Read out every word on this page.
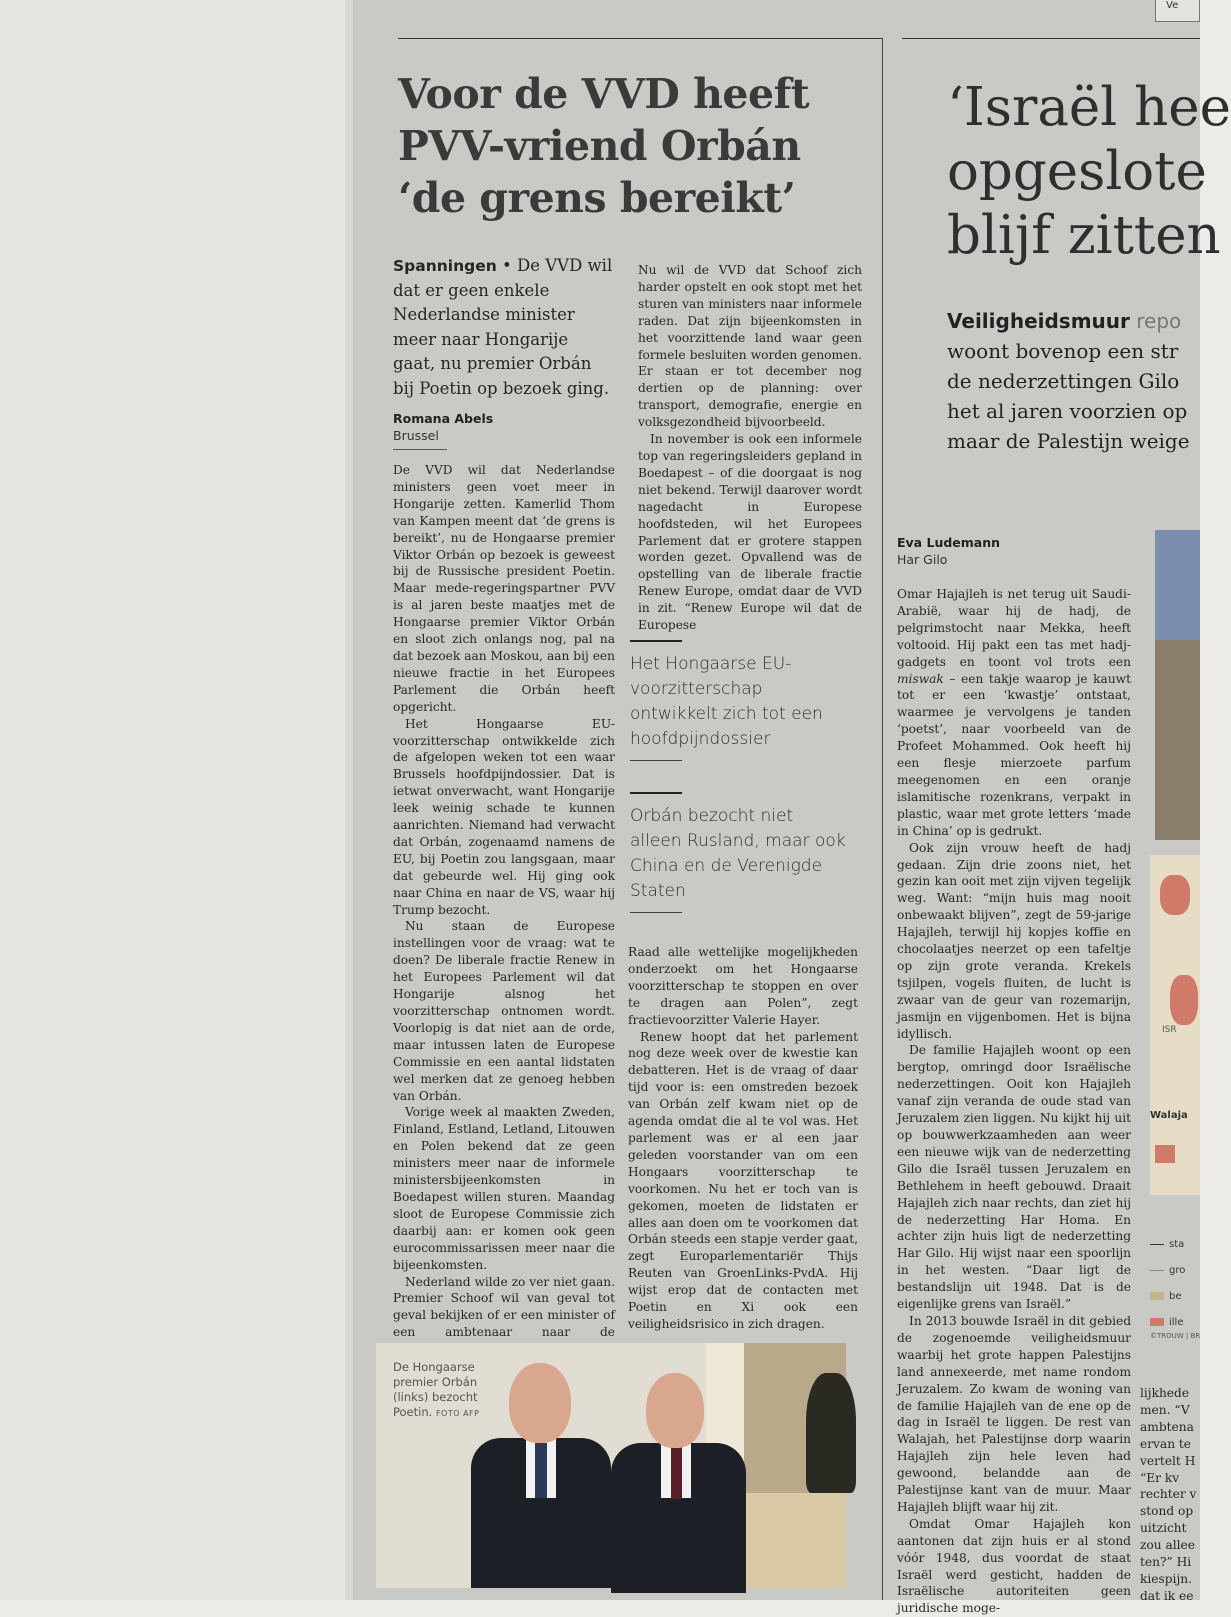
Ve
Voor de VVD heeft
PVV-vriend Orbán
‘de grens bereikt’
Spanningen • De VVD wil dat er geen enkele Nederlandse minister meer naar Hongarije gaat, nu premier Orbán bij Poetin op bezoek ging.
Romana Abels
Brussel

De VVD wil dat Nederlandse ministers geen voet meer in Hongarije zetten. Kamerlid Thom van Kampen meent dat ‘de grens is bereikt’, nu de Hongaarse premier Viktor Orbán op bezoek is geweest bij de Russische president Poetin. Maar mede-regeringspartner PVV is al jaren beste maatjes met de Hongaarse premier Viktor Orbán en sloot zich onlangs nog, pal na dat bezoek aan Moskou, aan bij een nieuwe fractie in het Europees Parlement die Orbán heeft opgericht.

Het Hongaarse EU-voorzitterschap ontwikkelde zich de afgelopen weken tot een waar Brussels hoofdpijndossier. Dat is ietwat onverwacht, want Hongarije leek weinig schade te kunnen aanrichten. Niemand had verwacht dat Orbán, zogenaamd namens de EU, bij Poetin zou langsgaan, maar dat gebeurde wel. Hij ging ook naar China en naar de VS, waar hij Trump bezocht.

Nu staan de Europese instellingen voor de vraag: wat te doen? De liberale fractie Renew in het Europees Parlement wil dat Hongarije alsnog het voorzitterschap ontnomen wordt. Voorlopig is dat niet aan de orde, maar intussen laten de Europese Commissie en een aantal lidstaten wel merken dat ze genoeg hebben van Orbán.

Vorige week al maakten Zweden, Finland, Estland, Letland, Litouwen en Polen bekend dat ze geen ministers meer naar de informele ministersbijeenkomsten in Boedapest willen sturen. Maandag sloot de Europese Commissie zich daarbij aan: er komen ook geen eurocommissarissen meer naar die bijeenkomsten.

Nederland wilde zo ver niet gaan. Premier Schoof wil van geval tot geval bekijken of er een minister of een ambtenaar naar de

Nu wil de VVD dat Schoof zich harder opstelt en ook stopt met het sturen van ministers naar informele raden. Dat zijn bijeenkomsten in het voorzittende land waar geen formele besluiten worden genomen. Er staan er tot december nog dertien op de planning: over transport, demografie, energie en volksgezondheid bijvoorbeeld.

In november is ook een informele top van regeringsleiders gepland in Boedapest – of die doorgaat is nog niet bekend. Terwijl daarover wordt nagedacht in Europese hoofdsteden, wil het Europees Parlement dat er grotere stappen worden gezet. Opvallend was de opstelling van de liberale fractie Renew Europe, omdat daar de VVD in zit. “Renew Europe wil dat de Europese

Het Hongaarse EU-voorzitterschap ontwikkelt zich tot een hoofdpijndossier
Orbán bezocht niet alleen Rusland, maar ook China en de Verenigde Staten

Raad alle wettelijke mogelijkheden onderzoekt om het Hongaarse voorzitterschap te stoppen en over te dragen aan Polen”, zegt fractievoorzitter Valerie Hayer.

Renew hoopt dat het parlement nog deze week over de kwestie kan debatteren. Het is de vraag of daar tijd voor is: een omstreden bezoek van Orbán zelf kwam niet op de agenda omdat die al te vol was. Het parlement was er al een jaar geleden voorstander van om een Hongaars voorzitterschap te voorkomen. Nu het er toch van is gekomen, moeten de lidstaten er alles aan doen om te voorkomen dat Orbán steeds een stapje verder gaat, zegt Europarlementariër Thijs Reuten van GroenLinks-PvdA. Hij wijst erop dat de contacten met Poetin en Xi ook een veiligheidsrisico in zich dragen.

De Hongaarse premier Orbán (links) bezocht Poetin. FOTO AFP
‘Israël hee
opgeslote
blijf zitten
Veiligheidsmuur repo
woont bovenop een str
de nederzettingen Gilo
het al jaren voorzien op
maar de Palestijn weige
Eva Ludemann
Har Gilo

Omar Hajajleh is net terug uit Saudi-Arabië, waar hij de hadj, de pelgrimstocht naar Mekka, heeft voltooid. Hij pakt een tas met hadj-gadgets en toont vol trots een miswak – een takje waarop je kauwt tot er een ‘kwastje’ ontstaat, waarmee je vervolgens je tanden ‘poetst’, naar voorbeeld van de Profeet Mohammed. Ook heeft hij een flesje mierzoete parfum meegenomen en een oranje islamitische rozenkrans, verpakt in plastic, waar met grote letters ‘made in China’ op is gedrukt.

Ook zijn vrouw heeft de hadj gedaan. Zijn drie zoons niet, het gezin kan ooit met zijn vijven tegelijk weg. Want: “mijn huis mag nooit onbewaakt blijven”, zegt de 59-jarige Hajajleh, terwijl hij kopjes koffie en chocolaatjes neerzet op een tafeltje op zijn grote veranda. Krekels tsjilpen, vogels fluiten, de lucht is zwaar van de geur van rozemarijn, jasmijn en vijgenbomen. Het is bijna idyllisch.

De familie Hajajleh woont op een bergtop, omringd door Israëlische nederzettingen. Ooit kon Hajajleh vanaf zijn veranda de oude stad van Jeruzalem zien liggen. Nu kijkt hij uit op bouwwerkzaamheden aan weer een nieuwe wijk van de nederzetting Gilo die Israël tussen Jeruzalem en Bethlehem in heeft gebouwd. Draait Hajajleh zich naar rechts, dan ziet hij de nederzetting Har Homa. En achter zijn huis ligt de nederzetting Har Gilo. Hij wijst naar een spoorlijn in het westen. “Daar ligt de bestandslijn uit 1948. Dat is de eigenlijke grens van Israël.”

In 2013 bouwde Israël in dit gebied de zogenoemde veiligheidsmuur waarbij het grote happen Palestijns land annexeerde, met name rondom Jeruzalem. Zo kwam de woning van de familie Hajajleh van de ene op de dag in Israël te liggen. De rest van Walajah, het Palestijnse dorp waarin Hajajleh zijn hele leven had gewoond, belandde aan de Palestijnse kant van de muur. Maar Hajajleh blijft waar hij zit.

Omdat Omar Hajajleh kon aantonen dat zijn huis er al stond vóór 1948, dus voordat de staat Israël werd gesticht, hadden de Israëlische autoriteiten geen juridische moge-

ISR
Walaja
sta
gro
be
ille
©TROUW | BR
lijkhede
men. “V
ambtena
ervan te
vertelt H
“Er kv
rechter v
stond op
uitzicht
zou allee
ten?” Hi
kiespijn.
dat ik ee
